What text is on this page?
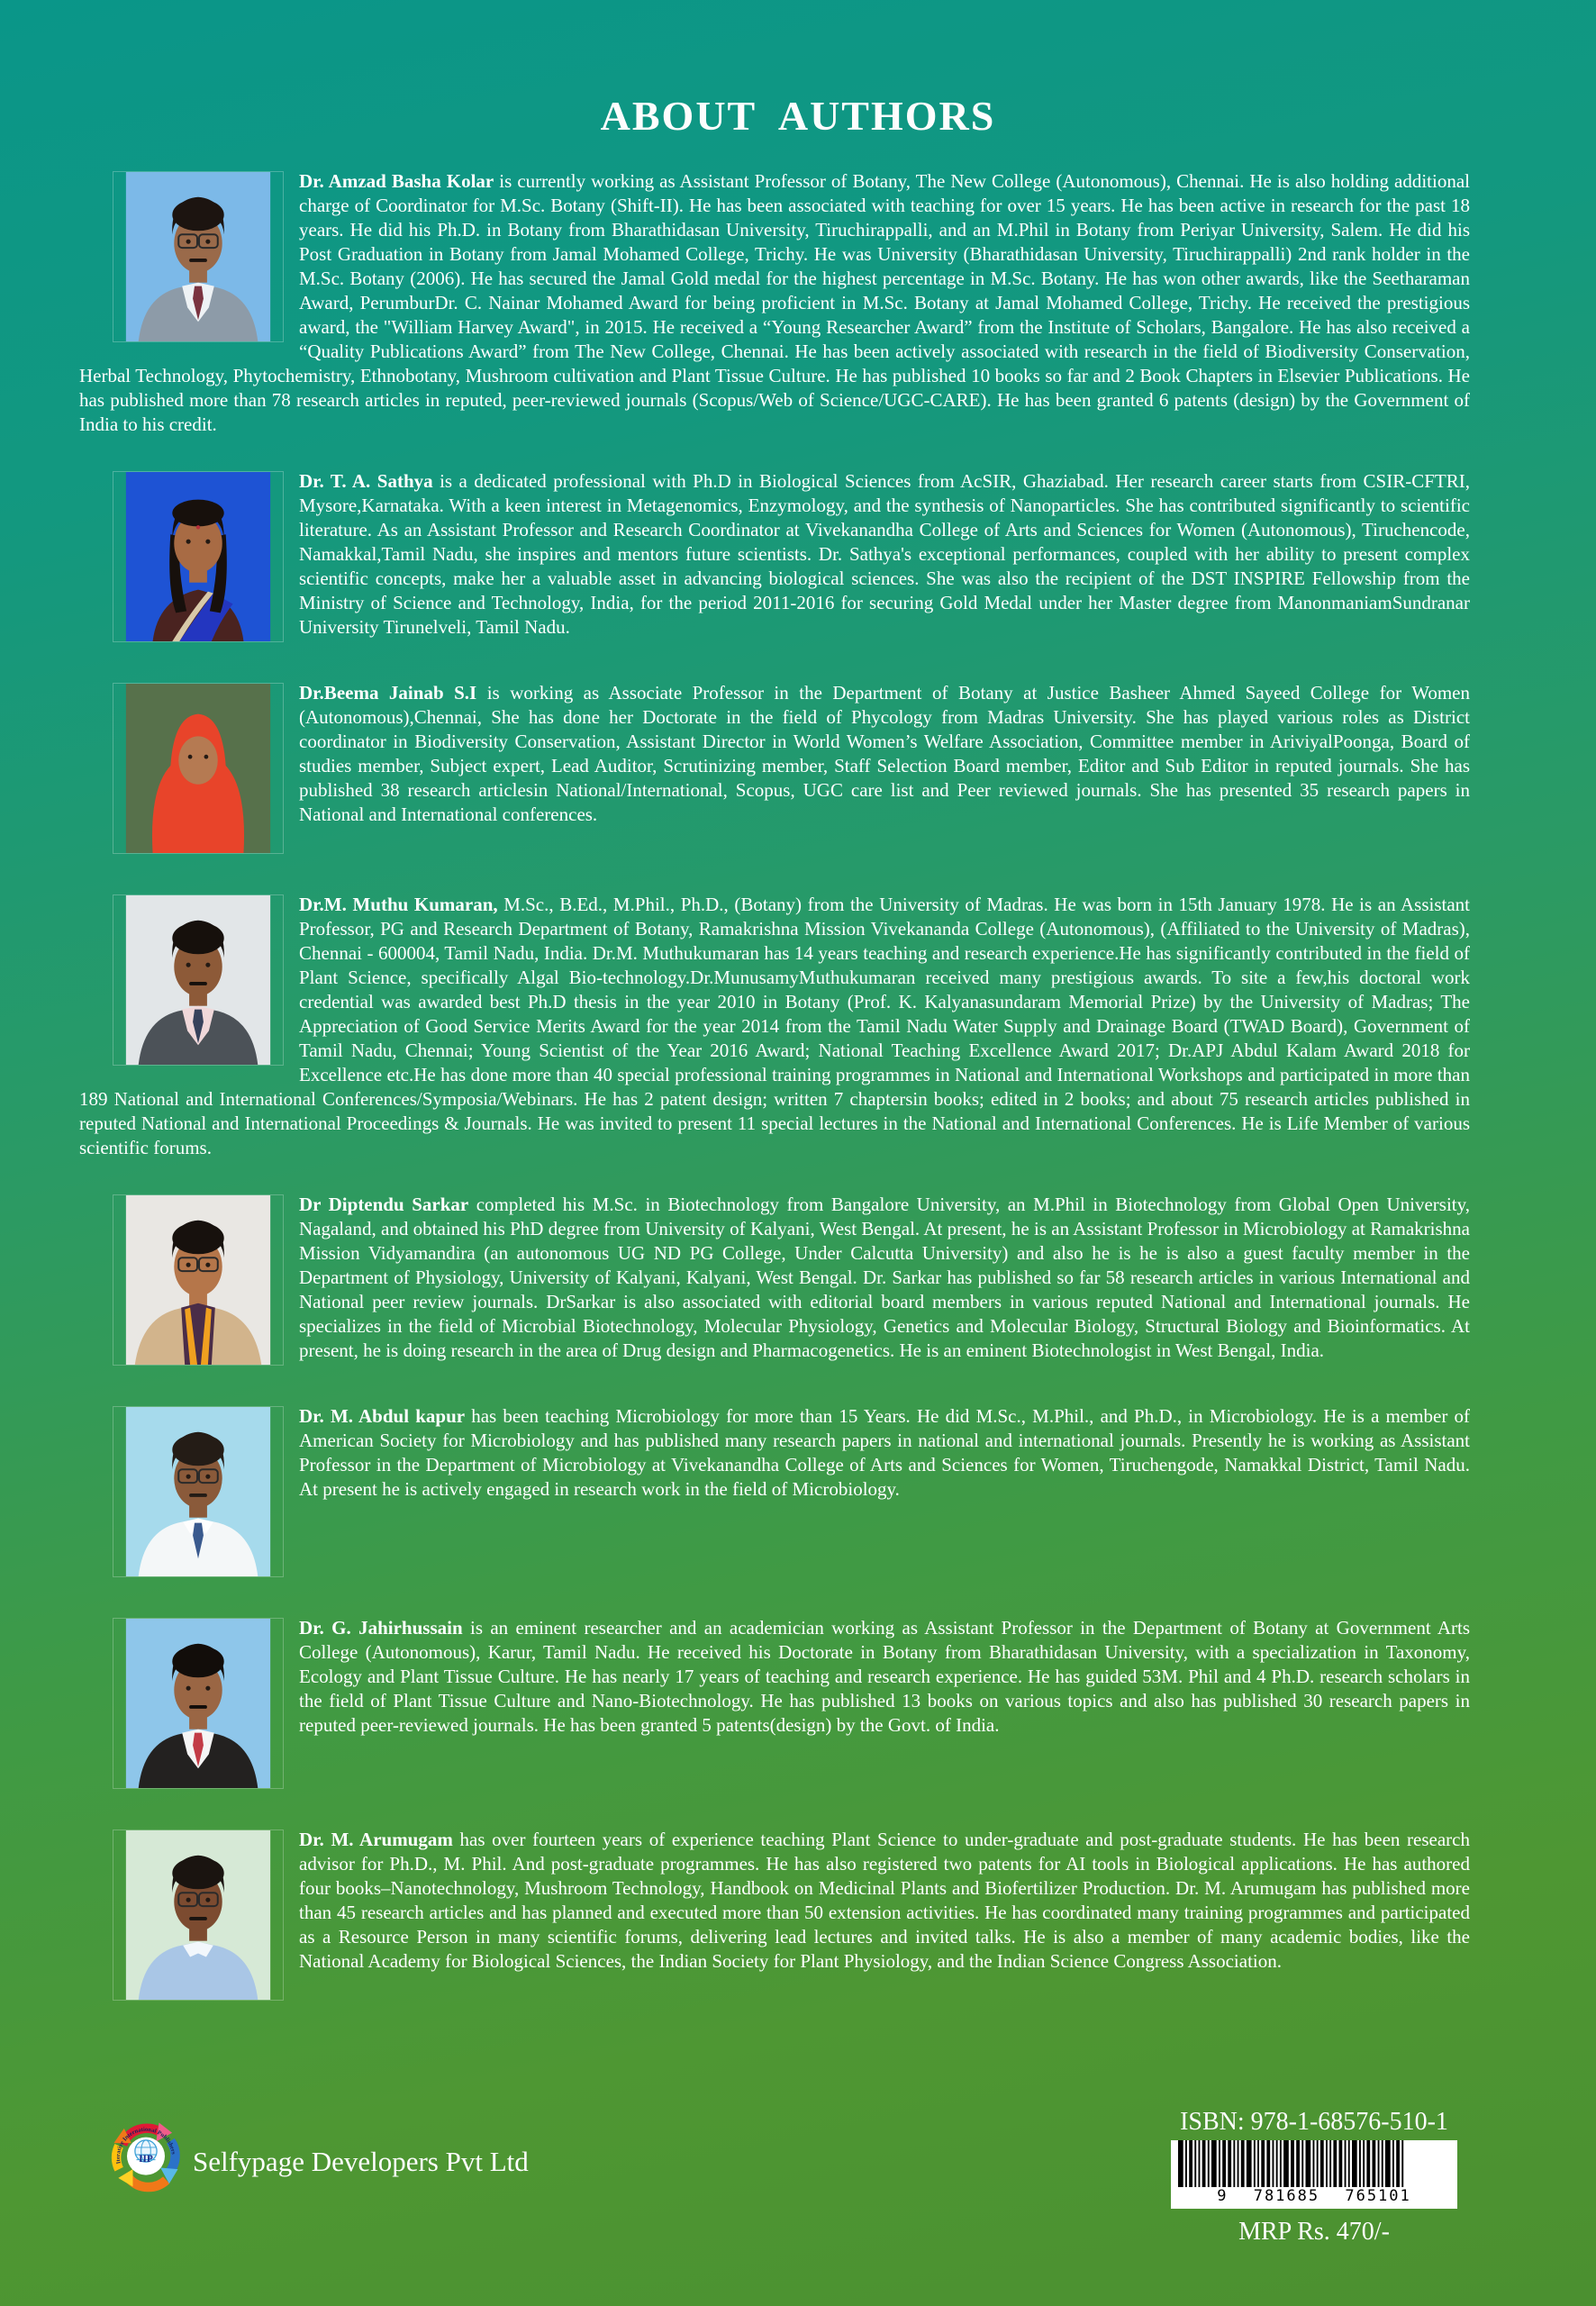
ABOUT  AUTHORS

Dr. Amzad Basha Kolar is currently working as Assistant Professor of Botany, The New College (Autonomous), Chennai. He is also holding additional charge of Coordinator for M.Sc. Botany (Shift-II). He has been associated with teaching for over 15 years. He has been active in research for the past 18 years. He did his Ph.D. in Botany from Bharathidasan University, Tiruchirappalli, and an M.Phil in Botany from Periyar University, Salem. He did his Post Graduation in Botany from Jamal Mohamed College, Trichy. He was University (Bharathidasan University, Tiruchirappalli) 2nd rank holder in the M.Sc. Botany (2006). He has secured the Jamal Gold medal for the highest percentage in M.Sc. Botany. He has won other awards, like the Seetharaman Award, PerumburDr. C. Nainar Mohamed Award for being proficient in M.Sc. Botany at Jamal Mohamed College, Trichy. He received the prestigious award, the "William Harvey Award", in 2015. He received a “Young Researcher Award” from the Institute of Scholars, Bangalore. He has also received a “Quality Publications Award” from The New College, Chennai. He has been actively associated with research in the field of Biodiversity Conservation, Herbal Technology, Phytochemistry, Ethnobotany, Mushroom cultivation and Plant Tissue Culture. He has published 10 books so far and 2 Book Chapters in Elsevier Publications. He has published more than 78 research articles in reputed, peer-reviewed journals (Scopus/Web of Science/UGC-CARE). He has been granted 6 patents (design) by the Government of India to his credit.

Dr. T. A. Sathya is a dedicated professional with Ph.D in Biological Sciences from AcSIR, Ghaziabad. Her research career starts from CSIR-CFTRI, Mysore,Karnataka. With a keen interest in Metagenomics, Enzymology, and the synthesis of Nanoparticles. She has contributed significantly to scientific literature. As an Assistant Professor and Research Coordinator at Vivekanandha College of Arts and Sciences for Women (Autonomous), Tiruchencode, Namakkal,Tamil Nadu, she inspires and mentors future scientists. Dr. Sathya's exceptional performances, coupled with her ability to present complex scientific concepts, make her a valuable asset in advancing biological sciences. She was also the recipient of the DST INSPIRE Fellowship from the Ministry of Science and Technology, India, for the period 2011-2016 for securing Gold Medal under her Master degree from ManonmaniamSundranar University Tirunelveli, Tamil Nadu.

Dr.Beema Jainab S.I is working as Associate Professor in the Department of Botany at Justice Basheer Ahmed Sayeed College for Women (Autonomous),Chennai, She has done her Doctorate in the field of Phycology from Madras University. She has played various roles as District coordinator in Biodiversity Conservation, Assistant Director in World Women’s Welfare Association, Committee member in AriviyalPoonga, Board of studies member, Subject expert, Lead Auditor, Scrutinizing member, Staff Selection Board member, Editor and Sub Editor in reputed journals. She has published 38 research articlesin National/International, Scopus, UGC care list and Peer reviewed journals. She has presented 35 research papers in National and International conferences.

Dr.M. Muthu Kumaran, M.Sc., B.Ed., M.Phil., Ph.D., (Botany) from the University of Madras. He was born in 15th January 1978. He is an Assistant Professor, PG and Research Department of Botany, Ramakrishna Mission Vivekananda College (Autonomous), (Affiliated to the University of Madras), Chennai - 600004, Tamil Nadu, India. Dr.M. Muthukumaran has 14 years teaching and research experience.He has significantly contributed in the field of Plant Science, specifically Algal Bio-technology.Dr.MunusamyMuthukumaran received many prestigious awards. To site a few,his doctoral work credential was awarded best Ph.D thesis in the year 2010 in Botany (Prof. K. Kalyanasundaram Memorial Prize) by the University of Madras; The Appreciation of Good Service Merits Award for the year 2014 from the Tamil Nadu Water Supply and Drainage Board (TWAD Board), Government of Tamil Nadu, Chennai; Young Scientist of the Year 2016 Award; National Teaching Excellence Award 2017; Dr.APJ Abdul Kalam Award 2018 for Excellence etc.He has done more than 40 special professional training programmes in National and International Workshops and participated in more than 189 National and International Conferences/Symposia/Webinars. He has 2 patent design; written 7 chaptersin books; edited in 2 books; and about 75 research articles published in reputed National and International Proceedings & Journals. He was invited to present 11 special lectures in the National and International Conferences. He is Life Member of various scientific forums.

Dr Diptendu Sarkar completed his M.Sc. in Biotechnology from Bangalore University, an M.Phil in Biotechnology from Global Open University, Nagaland, and obtained his PhD degree from University of Kalyani, West Bengal. At present, he is an Assistant Professor in Microbiology at Ramakrishna Mission Vidyamandira (an autonomous UG ND PG College, Under Calcutta University) and also he is he is also a guest faculty member in the Department of Physiology, University of Kalyani, Kalyani, West Bengal. Dr. Sarkar has published so far 58 research articles in various International and National peer review journals. DrSarkar is also associated with editorial board members in various reputed National and International journals. He specializes in the field of Microbial Biotechnology, Molecular Physiology, Genetics and Molecular Biology, Structural Biology and Bioinformatics. At present, he is doing research in the area of Drug design and Pharmacogenetics. He is an eminent Biotechnologist in West Bengal, India.

Dr. M. Abdul kapur has been teaching Microbiology for more than 15 Years. He did M.Sc., M.Phil., and Ph.D., in Microbiology. He is a member of American Society for Microbiology and has published many research papers in national and international journals. Presently he is working as Assistant Professor in the Department of Microbiology at Vivekanandha College of Arts and Sciences for Women, Tiruchengode, Namakkal District, Tamil Nadu. At present he is actively engaged in research work in the field of Microbiology.

Dr. G. Jahirhussain is an eminent researcher and an academician working as Assistant Professor in the Department of Botany at Government Arts College (Autonomous), Karur, Tamil Nadu. He received his Doctorate in Botany from Bharathidasan University, with a specialization in Taxonomy, Ecology and Plant Tissue Culture. He has nearly 17 years of teaching and research experience. He has guided 53M. Phil and 4 Ph.D. research scholars in the field of Plant Tissue Culture and Nano-Biotechnology. He has published 13 books on various topics and also has published 30 research papers in reputed peer-reviewed journals. He has been granted 5 patents(design) by the Govt. of India.

Dr. M. Arumugam has over fourteen years of experience teaching Plant Science to under-graduate and post-graduate students. He has been research advisor for Ph.D., M. Phil. And post-graduate programmes. He has also registered two patents for AI tools in Biological applications. He has authored four books–Nanotechnology, Mushroom Technology, Handbook on Medicinal Plants and Biofertilizer Production. Dr. M. Arumugam has published more than 45 research articles and has planned and executed more than 50 extension activities. He has coordinated many training programmes and participated as a Resource Person in many scientific forums, delivering lead lectures and invited talks. He is also a member of many academic bodies, like the National Academy for Biological Sciences, the Indian Society for Plant Physiology, and the Indian Science Congress Association.

IIP
Iterative International Publishers Selfypage Developers Pvt Ltd
ISBN: 978-1-68576-510-1
9 781685 765101
MRP Rs. 470/-
